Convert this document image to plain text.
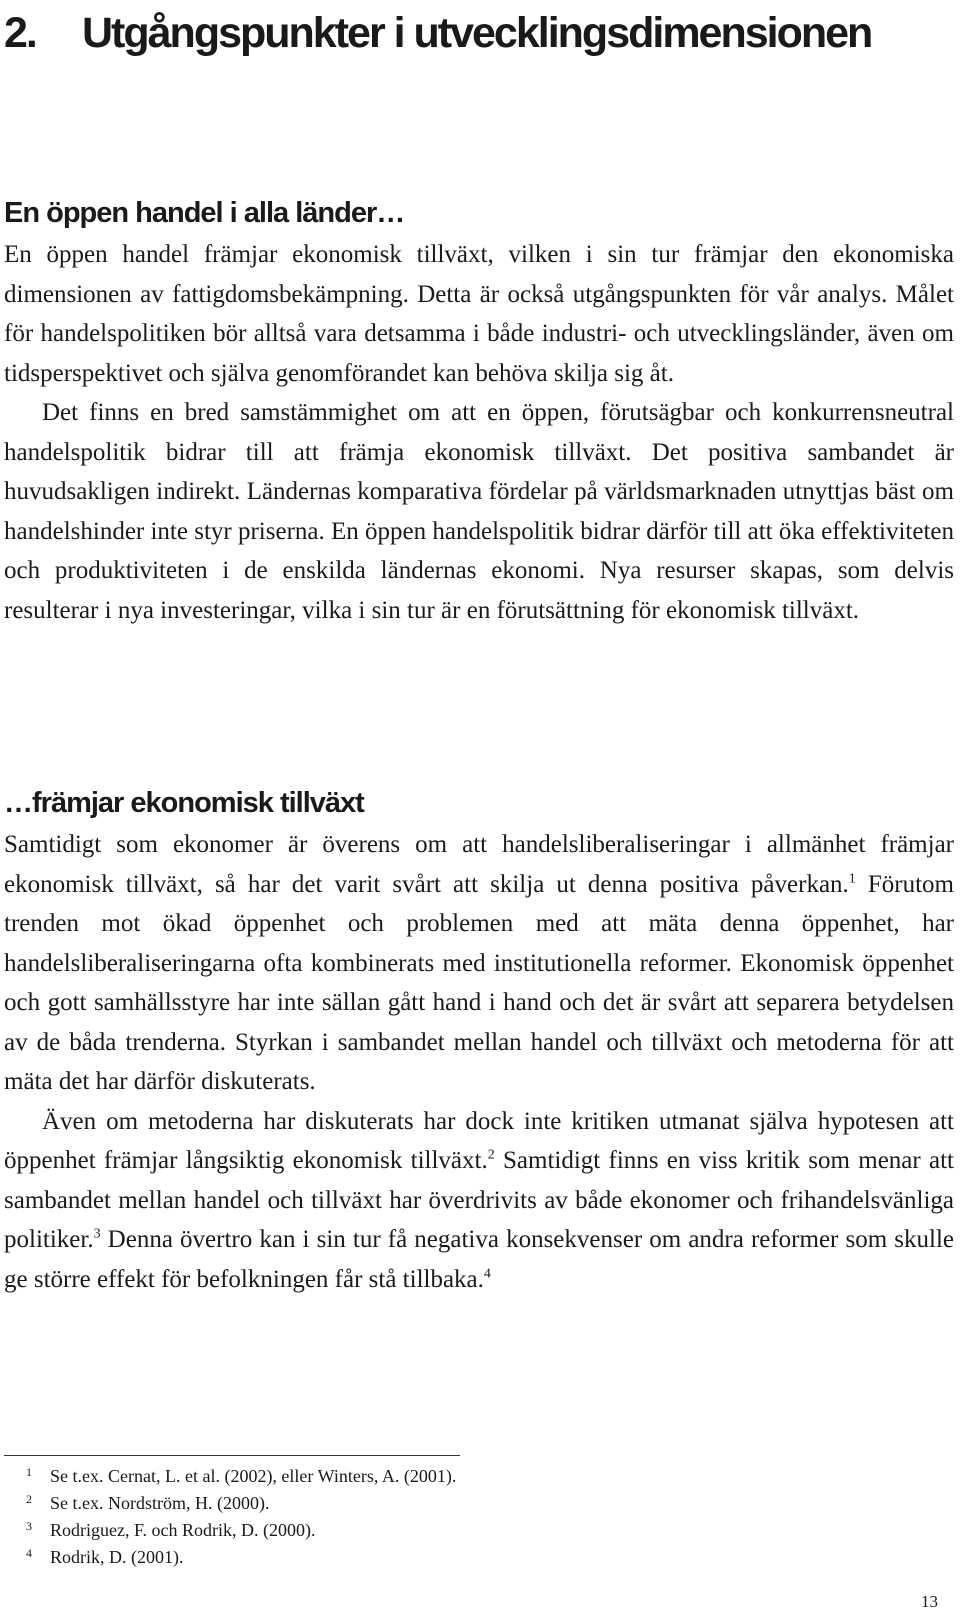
2. Utgångspunkter i utvecklingsdimensionen
En öppen handel i alla länder…

En öppen handel främjar ekonomisk tillväxt, vilken i sin tur främjar den ekonomiska dimensionen av fattigdomsbekämpning. Detta är också utgångspunkten för vår analys. Målet för handelspolitiken bör alltså vara detsamma i både industri- och utvecklingsländer, även om tidsperspektivet och själva genomförandet kan behöva skilja sig åt.

Det finns en bred samstämmighet om att en öppen, förutsägbar och konkurrensneutral handelspolitik bidrar till att främja ekonomisk tillväxt. Det positiva sambandet är huvudsakligen indirekt. Ländernas komparativa fördelar på världsmarknaden utnyttjas bäst om handelshinder inte styr priserna. En öppen handelspolitik bidrar därför till att öka effektiviteten och produktiviteten i de enskilda ländernas ekonomi. Nya resurser skapas, som delvis resulterar i nya investeringar, vilka i sin tur är en förutsättning för ekonomisk tillväxt.

…främjar ekonomisk tillväxt

Samtidigt som ekonomer är överens om att handelsliberaliseringar i allmänhet främjar ekonomisk tillväxt, så har det varit svårt att skilja ut denna positiva påverkan.$^1$ Förutom trenden mot ökad öppenhet och problemen med att mäta denna öppenhet, har handelsliberaliseringarna ofta kombinerats med institutionella reformer. Ekonomisk öppenhet och gott samhällsstyre har inte sällan gått hand i hand och det är svårt att separera betydelsen av de båda trenderna. Styrkan i sambandet mellan handel och tillväxt och metoderna för att mäta det har därför diskuterats.

Även om metoderna har diskuterats har dock inte kritiken utmanat själva hypotesen att öppenhet främjar långsiktig ekonomisk tillväxt.$^2$ Samtidigt finns en viss kritik som menar att sambandet mellan handel och tillväxt har överdrivits av både ekonomer och frihandelsvänliga politiker.$^3$ Denna övertro kan i sin tur få negativa konsekvenser om andra reformer som skulle ge större effekt för befolkningen får stå tillbaka.$^4$

1 Se t.ex. Cernat, L. et al. (2002), eller Winters, A. (2001).
2 Se t.ex. Nordström, H. (2000).
3 Rodriguez, F. och Rodrik, D. (2000).
4 Rodrik, D. (2001).
13
